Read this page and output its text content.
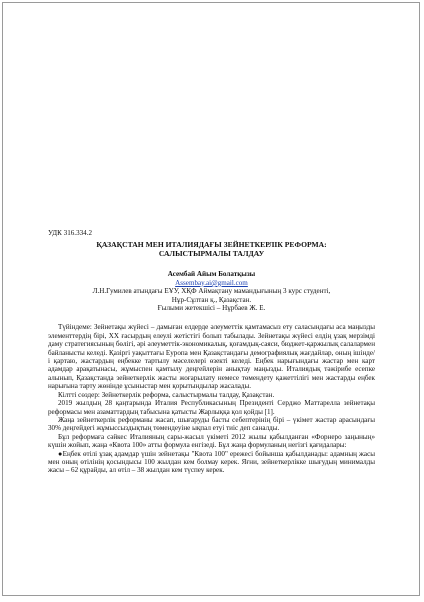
УДК 316.334.2

ҚАЗАҚСТАН МЕН ИТАЛИЯДАҒЫ ЗЕЙНЕТКЕРЛІК РЕФОРМА:
САЛЫСТЫРМАЛЫ ТАЛДАУ

Асембай Айым Болатқызы

Assembay.ai@gmail.com

Л.Н.Гумилев атындағы ЕҰУ, ХҚФ Аймақтану мамандығының 3 курс студенті,

Нұр-Сұлтан қ., Қазақстан.

Ғылыми жетекшісі – Нұрбаев Ж. Е.

Түйіндеме: Зейнетақы жүйесі – дамыған елдерде әлеуметтік қамтамасыз ету саласындағы аса маңызды элементтердің бірі, XX ғасырдың елеулі жетістігі болып табылады. Зейнетақы жүйесі елдің ұзақ мерзімді даму стратегиясының бөлігі, әрі әлеуметтік-экономикалық, қоғамдық-саяси, бюджет-қаржылық салалармен байланысты келеді. Қазіргі уақыттағы Еуропа мен Қазақстандағы демографиялық жағдайлар, оның ішінде/і қартаю, жастардың еңбекке тартылу мәселелері өзекті келеді. Еңбек нарығындағы жастар мен карт адамдар арақатынасы, жұмыспен қамтылу деңгейлерін анықтау маңызды. Италиядық тәжірибе есепке алынып, Қазақстанда зейнеткерлік жасты жоғарылату немесе төмендету қажеттілігі мен жастарды еңбек нарығына тарту жөнінде ұсыныстар мен қорытындылар жасалады.

Кілтті сөздер: Зейнеткерлік реформа, салыстырмалы талдау, Қазақстан.

2019 жылдың 28 қаңтарында Италия Республикасының Президенті Серджо Маттарелла зейнетақы реформасы мен азаматтардың табысына қатысты Жарлыққа қол қойды [1].

Жаңа зейнеткерлік реформаны жасап, шығаруды басты себептерінің бірі – үкімет жастар арасындағы 30% деңгейдегі жұмыссыздықтың төмендеуіне ықпал етуі тиіс деп саналды.

Бұл реформаға сәйкес Италияның сары-жасыл үкіметі 2012 жылы қабылданған «Форнеро заңының» күшін жойып, жаңа «Квота 100» атты формула енгізеді. Бұл жаңа формуланың негізгі қағидалары:

●Еңбек өтілі ұзақ адамдар үшін зейнетақы "Квота 100" ережесі бойынша қабылданады: адамның жасы мен оның өтілінің қосындысы 100 жылдан кем болмау керек. Яғни, зейнеткерлікке шығудың минималды жасы – 62 құрайды, ал өтіл – 38 жылдан кем түспеу керек.
